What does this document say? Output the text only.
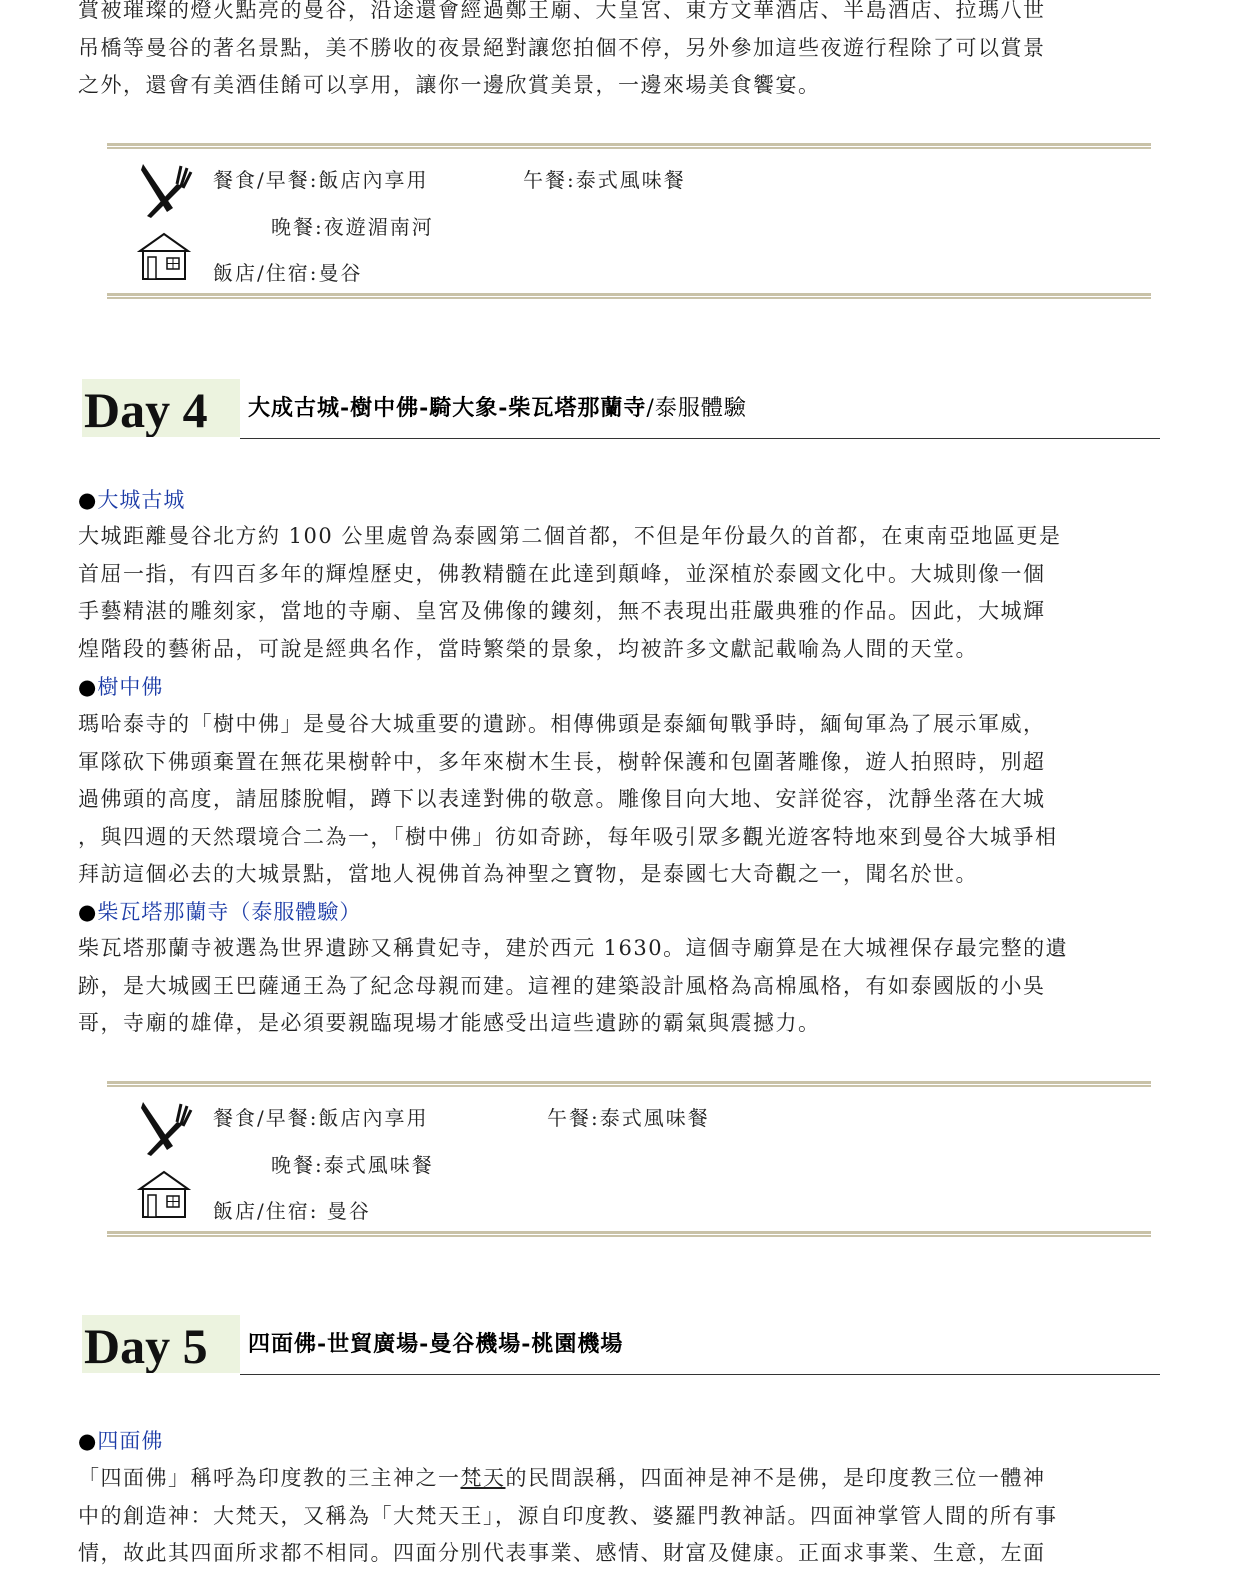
賞被璀璨的燈火點亮的曼谷，沿途還會經過鄭王廟、大皇宮、東方文華酒店、半島酒店、拉瑪八世
吊橋等曼谷的著名景點，美不勝收的夜景絕對讓您拍個不停，另外參加這些夜遊行程除了可以賞景
之外，還會有美酒佳餚可以享用，讓你一邊欣賞美景，一邊來場美食饗宴。

餐食/早餐:飯店內享用	午餐:泰式風味餐
晚餐:夜遊湄南河
飯店/住宿:曼谷
Day 4	大成古城-樹中佛-騎大象-柴瓦塔那蘭寺/泰服體驗
●大城古城

大城距離曼谷北方約 100 公里處曾為泰國第二個首都，不但是年份最久的首都，在東南亞地區更是
首屈一指，有四百多年的輝煌歷史，佛教精髓在此達到顛峰，並深植於泰國文化中。大城則像一個
手藝精湛的雕刻家，當地的寺廟、皇宮及佛像的鏤刻，無不表現出莊嚴典雅的作品。因此，大城輝
煌階段的藝術品，可說是經典名作，當時繁榮的景象，均被許多文獻記載喻為人間的天堂。

●樹中佛

瑪哈泰寺的「樹中佛」是曼谷大城重要的遺跡。相傳佛頭是泰緬甸戰爭時，緬甸軍為了展示軍威，
軍隊砍下佛頭棄置在無花果樹幹中，多年來樹木生長，樹幹保護和包圍著雕像，遊人拍照時，別超
過佛頭的高度，請屈膝脫帽，蹲下以表達對佛的敬意。雕像目向大地、安詳從容，沈靜坐落在大城
，與四週的天然環境合二為一，「樹中佛」彷如奇跡，每年吸引眾多觀光遊客特地來到曼谷大城爭相
拜訪這個必去的大城景點，當地人視佛首為神聖之寶物，是泰國七大奇觀之一，聞名於世。

●柴瓦塔那蘭寺（泰服體驗）

柴瓦塔那蘭寺被選為世界遺跡又稱貴妃寺，建於西元 1630。這個寺廟算是在大城裡保存最完整的遺
跡，是大城國王巴薩通王為了紀念母親而建。這裡的建築設計風格為高棉風格，有如泰國版的小吳
哥，寺廟的雄偉，是必須要親臨現場才能感受出這些遺跡的霸氣與震撼力。

餐食/早餐:飯店內享用	午餐:泰式風味餐
晚餐:泰式風味餐
飯店/住宿: 曼谷
Day 5	四面佛-世貿廣場-曼谷機場-桃園機場
●四面佛

「四面佛」稱呼為印度教的三主神之一梵天的民間誤稱，四面神是神不是佛，是印度教三位一體神
中的創造神：大梵天，又稱為「大梵天王」，源自印度教、婆羅門教神話。四面神掌管人間的所有事
情，故此其四面所求都不相同。四面分別代表事業、感情、財富及健康。正面求事業、生意，左面
